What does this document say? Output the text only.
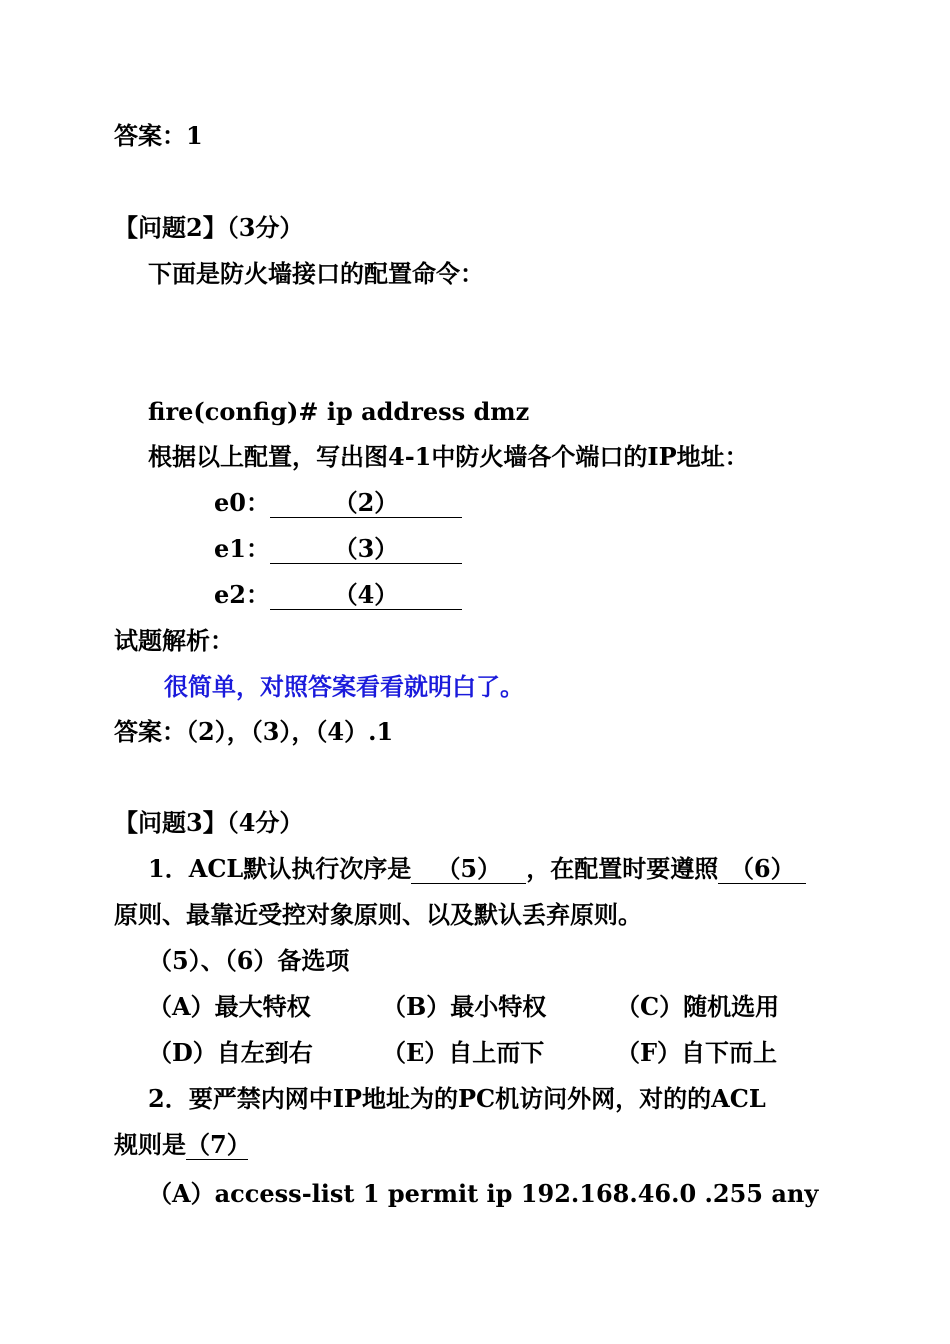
答案：1
【问题2】（3分）
下面是防火墙接口的配置命令：
fire(config)# ip address dmz
根据以上配置，写出图4-1中防火墙各个端口的IP地址：
e0：	（2）
e1：	（3）
e2：	（4）
试题解析：
很简单，对照答案看看就明白了。
答案：（2），（3），（4）.1
【问题3】（4分）
1．ACL默认执行次序是 （5） ，在配置时要遵照 （6）
原则、最靠近受控对象原则、以及默认丢弃原则。
（5）、（6）备选项
（A）最大特权	（B）最小特权	（C）随机选用
（D）自左到右	（E）自上而下	（F）自下而上
2．要严禁内网中IP地址为的PC机访问外网，对的的ACL
规则是（7）
（A）access-list 1 permit ip 192.168.46.0 .255 any
